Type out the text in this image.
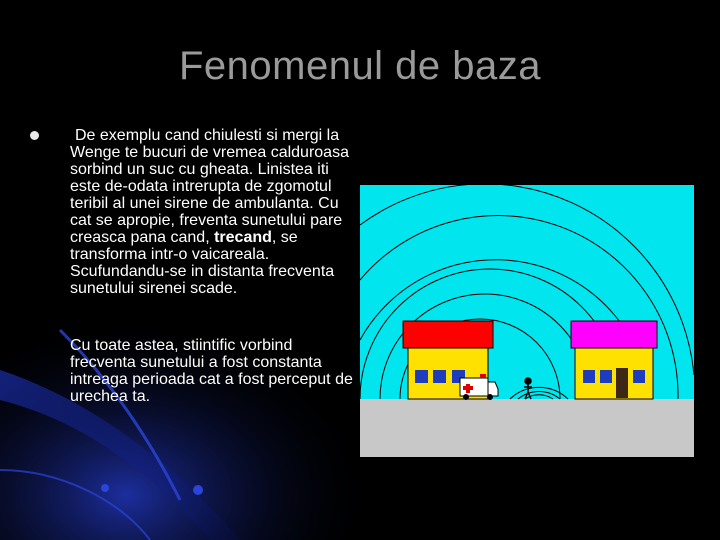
Fenomenul de baza
De exemplu cand chiulesti si mergi la Wenge te bucuri de vremea calduroasa sorbind un suc cu gheata. Linistea iti este de-odata intrerupta de zgomotul teribil al unei sirene de ambulanta. Cu cat se apropie, freventa sunetului pare creasca pana cand, trecand, se transforma intr-o vaicareala. Scufundandu-se in distanta frecventa sunetului sirenei scade.
Cu toate astea, stiintific vorbind frecventa sunetului a fost constanta intreaga perioada cat a fost perceput de urechea ta.
